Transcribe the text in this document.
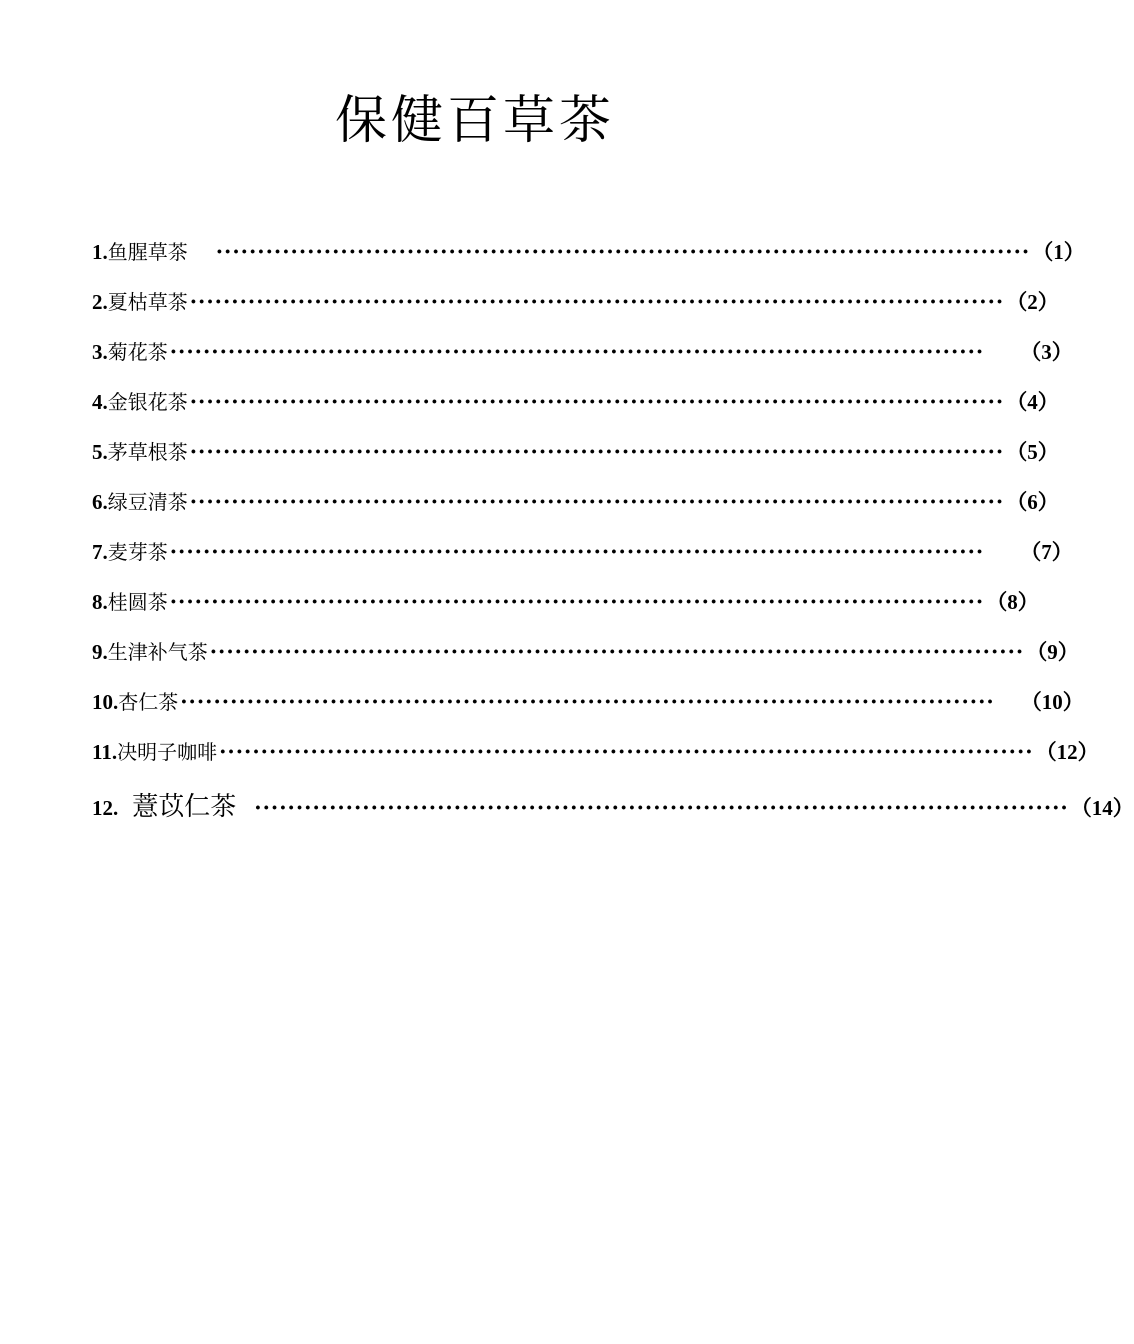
保健百草茶
1. 鱼腥草茶 ·································································································· （1）
2. 夏枯草茶 ·································································································· （2）
3. 菊花茶 ·································································································· （3）
4. 金银花茶 ·································································································· （4）
5. 茅草根茶 ·································································································· （5）
6. 绿豆清茶 ·································································································· （6）
7. 麦芽茶 ·································································································· （7）
8. 桂圆茶 ·································································································· （8）
9. 生津补气茶 ·································································································· （9）
10. 杏仁茶 ·································································································· （10）
11. 决明子咖啡 ·································································································· （12）
12. 薏苡仁茶 ·································································································· （14）
